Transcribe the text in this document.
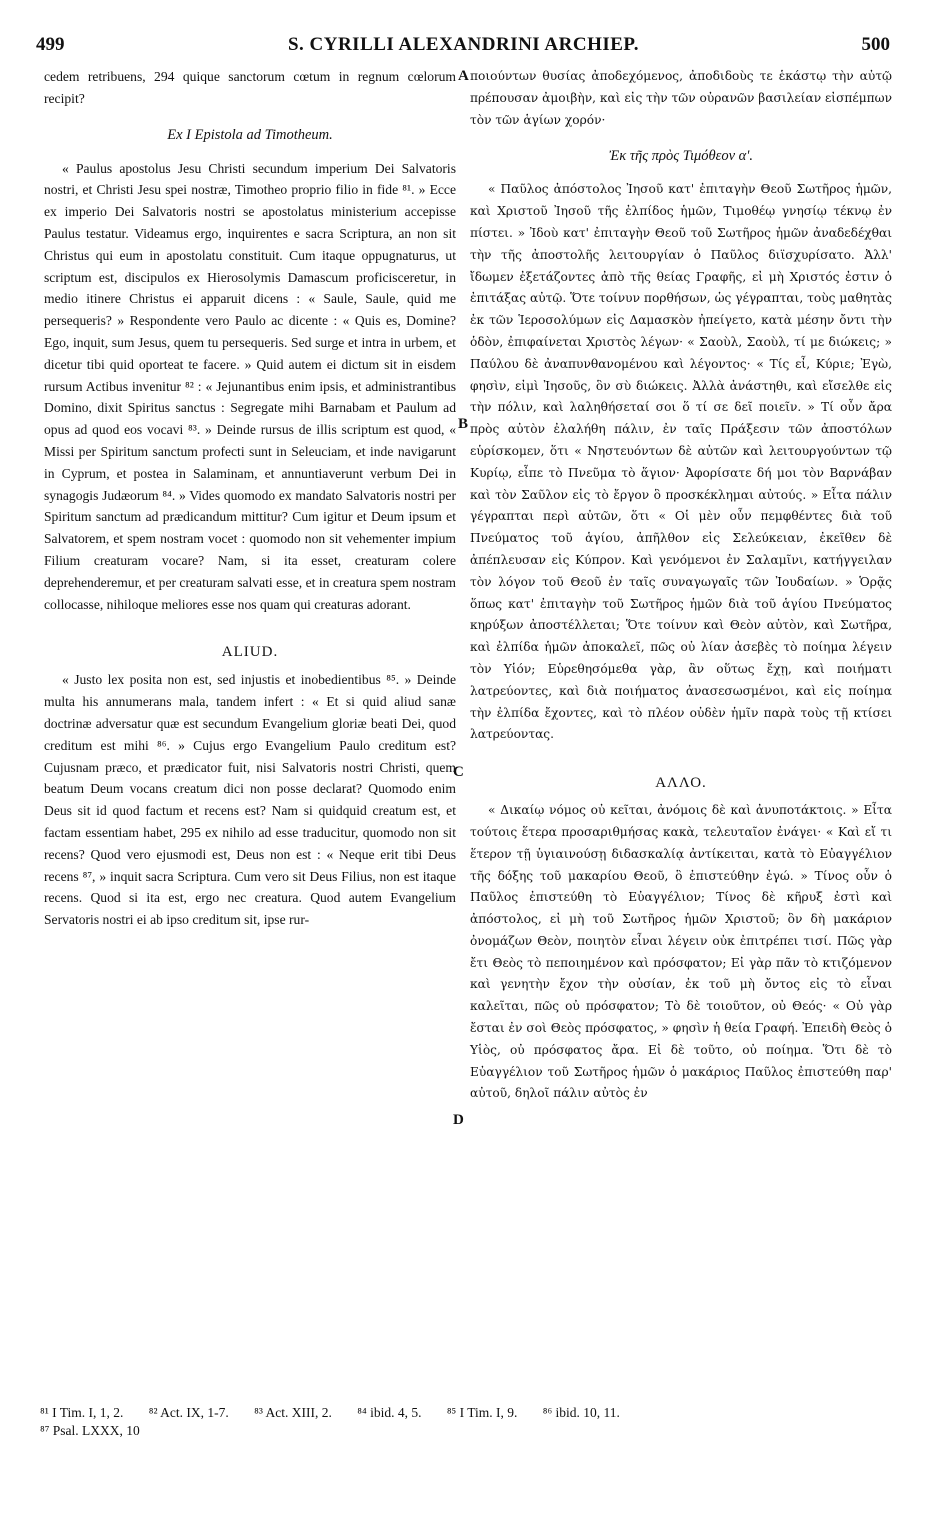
499	S. CYRILLI ALEXANDRINI ARCHIEP.	500

cedem retribuens, 294 quique sanctorum cœtum in regnum cœlorum recipit?

Ex I Epistola ad Timotheum.

« Paulus apostolus Jesu Christi secundum imperium Dei Salvatoris nostri, et Christi Jesu spei nostræ, Timotheo proprio filio in fide ⁸¹. » Ecce ex imperio Dei Salvatoris nostri se apostolatus ministerium accepisse Paulus testatur. Videamus ergo, inquirentes e sacra Scriptura, an non sit Christus qui eum in apostolatu constituit. Cum itaque oppugnaturus, ut scriptum est, discipulos ex Hierosolymis Damascum proficisceretur, in medio itinere Christus ei apparuit dicens : « Saule, Saule, quid me persequeris? » Respondente vero Paulo ac dicente : « Quis es, Domine? Ego, inquit, sum Jesus, quem tu persequeris. Sed surge et intra in urbem, et dicetur tibi quid oporteat te facere. » Quid autem ei dictum sit in eisdem rursum Actibus invenitur ⁸² : « Jejunantibus enim ipsis, et administrantibus Domino, dixit Spiritus sanctus : Segregate mihi Barnabam et Paulum ad opus ad quod eos vocavi ⁸³. » Deinde rursus de illis scriptum est quod, « Missi per Spiritum sanctum profecti sunt in Seleuciam, et inde navigarunt in Cyprum, et postea in Salaminam, et annuntiaverunt verbum Dei in synagogis Judæorum ⁸⁴. » Vides quomodo ex mandato Salvatoris nostri per Spiritum sanctum ad prædicandum mittitur? Cum igitur et Deum ipsum et Salvatorem, et spem nostram vocet : quomodo non sit vehementer impium Filium creaturam vocare? Nam, si ita esset, creaturam colere deprehenderemur, et per creaturam salvati esse, et in creatura spem nostram collocasse, nihiloque meliores esse nos quam qui creaturas adorant.

ALIUD.

« Justo lex posita non est, sed injustis et inobedientibus ⁸⁵. » Deinde multa his annumerans mala, tandem infert : « Et si quid aliud sanæ doctrinæ adversatur quæ est secundum Evangelium gloriæ beati Dei, quod creditum est mihi ⁸⁶. » Cujus ergo Evangelium Paulo creditum est? Cujusnam præco, et prædicator fuit, nisi Salvatoris nostri Christi, quem beatum Deum vocans creatum dici non posse declarat? Quomodo enim Deus sit id quod factum et recens est? Nam si quidquid creatum est, et factam essentiam habet, 295 ex nihilo ad esse traducitur, quomodo non sit recens? Quod vero ejusmodi est, Deus non est : « Neque erit tibi Deus recens ⁸⁷, » inquit sacra Scriptura. Cum vero sit Deus Filius, non est itaque recens. Quod si ita est, ergo nec creatura. Quod autem Evangelium Servatoris nostri ei ab ipso creditum sit, ipse rur-

ποιούντων θυσίας ἀποδεχόμενος, ἀποδιδοὺς τε ἑκάστῳ τὴν αὐτῷ πρέπουσαν ἀμοιβὴν, καὶ εἰς τὴν τῶν οὐρανῶν βασιλείαν εἰσπέμπων τὸν τῶν ἁγίων χορόν·

Ἐκ τῆς πρὸς Τιμόθεον α'.

« Παῦλος ἀπόστολος Ἰησοῦ κατ' ἐπιταγὴν Θεοῦ Σωτῆρος ἡμῶν, καὶ Χριστοῦ Ἰησοῦ τῆς ἐλπίδος ἡμῶν, Τιμοθέῳ γνησίῳ τέκνῳ ἐν πίστει. » Ἰδοὺ κατ' ἐπιταγὴν Θεοῦ τοῦ Σωτῆρος ἡμῶν ἀναδεδέχθαι τὴν τῆς ἀποστολῆς λειτουργίαν ὁ Παῦλος διϊσχυρίσατο. Ἀλλ' ἴδωμεν ἐξετάζοντες ἀπὸ τῆς θείας Γραφῆς, εἰ μὴ Χριστός ἐστιν ὁ ἐπιτάξας αὐτῷ. Ὅτε τοίνυν πορθήσων, ὡς γέγραπται, τοὺς μαθητὰς ἐκ τῶν Ἱεροσολύμων εἰς Δαμασκὸν ἠπείγετο, κατὰ μέσην ὄντι τὴν ὁδὸν, ἐπιφαίνεται Χριστὸς λέγων· « Σαοὺλ, Σαοὺλ, τί με διώκεις; » Παύλου δὲ ἀναπυνθανομένου καὶ λέγοντος· « Τίς εἶ, Κύριε; Ἐγὼ, φησὶν, εἰμὶ Ἰησοῦς, ὃν σὺ διώκεις. Ἀλλὰ ἀνάστηθι, καὶ εἴσελθε εἰς τὴν πόλιν, καὶ λαληθήσεταί σοι ὅ τί σε δεῖ ποιεῖν. » Τί οὖν ἄρα πρὸς αὐτὸν ἐλαλήθη πάλιν, ἐν ταῖς Πράξεσιν τῶν ἀποστόλων εὑρίσκομεν, ὅτι « Νηστευόντων δὲ αὐτῶν καὶ λειτουργούντων τῷ Κυρίῳ, εἶπε τὸ Πνεῦμα τὸ ἅγιον· Ἀφορίσατε δή μοι τὸν Βαρνάβαν καὶ τὸν Σαῦλον εἰς τὸ ἔργον ὃ προσκέκλημαι αὐτούς. » Εἶτα πάλιν γέγραπται περὶ αὐτῶν, ὅτι « Οἱ μὲν οὖν πεμφθέντες διὰ τοῦ Πνεύματος τοῦ ἁγίου, ἀπῆλθον εἰς Σελεύκειαν, ἐκεῖθεν δὲ ἀπέπλευσαν εἰς Κύπρον. Καὶ γενόμενοι ἐν Σαλαμῖνι, κατήγγειλαν τὸν λόγον τοῦ Θεοῦ ἐν ταῖς συναγωγαῖς τῶν Ἰουδαίων. » Ὁρᾷς ὅπως κατ' ἐπιταγὴν τοῦ Σωτῆρος ἡμῶν διὰ τοῦ ἁγίου Πνεύματος κηρύξων ἀποστέλλεται; Ὅτε τοίνυν καὶ Θεὸν αὐτὸν, καὶ Σωτῆρα, καὶ ἐλπίδα ἡμῶν ἀποκαλεῖ, πῶς οὐ λίαν ἀσεβὲς τὸ ποίημα λέγειν τὸν Υἱόν; Εὑρεθησόμεθα γὰρ, ἂν οὕτως ἔχῃ, καὶ ποιήματι λατρεύοντες, καὶ διὰ ποιήματος ἀνασεσωσμένοι, καὶ εἰς ποίημα τὴν ἐλπίδα ἔχοντες, καὶ τὸ πλέον οὐδὲν ἡμῖν παρὰ τοὺς τῇ κτίσει λατρεύοντας.

ΑΛΛΟ.

« Δικαίῳ νόμος οὐ κεῖται, ἀνόμοις δὲ καὶ ἀνυποτάκτοις. » Εἶτα τούτοις ἕτερα προσαριθμήσας κακὰ, τελευταῖον ἐνάγει· « Καὶ εἴ τι ἕτερον τῇ ὑγιαινούσῃ διδασκαλίᾳ ἀντίκειται, κατὰ τὸ Εὐαγγέλιον τῆς δόξης τοῦ μακαρίου Θεοῦ, ὃ ἐπιστεύθην ἐγώ. » Τίνος οὖν ὁ Παῦλος ἐπιστεύθη τὸ Εὐαγγέλιον; Τίνος δὲ κῆρυξ ἐστὶ καὶ ἀπόστολος, εἰ μὴ τοῦ Σωτῆρος ἡμῶν Χριστοῦ; ὃν δὴ μακάριον ὀνομάζων Θεὸν, ποιητὸν εἶναι λέγειν οὐκ ἐπιτρέπει τισί. Πῶς γὰρ ἔτι Θεὸς τὸ πεποιημένον καὶ πρόσφατον; Εἰ γὰρ πᾶν τὸ κτιζόμενον καὶ γενητὴν ἔχον τὴν οὐσίαν, ἐκ τοῦ μὴ ὄντος εἰς τὸ εἶναι καλεῖται, πῶς οὐ πρόσφατον; Τὸ δὲ τοιοῦτον, οὐ Θεός· « Οὐ γὰρ ἔσται ἐν σοὶ Θεὸς πρόσφατος, » φησὶν ἡ θεία Γραφή. Ἐπειδὴ Θεὸς ὁ Υἱὸς, οὐ πρόσφατος ἄρα. Εἰ δὲ τοῦτο, οὐ ποίημα. Ὅτι δὲ τὸ Εὐαγγέλιον τοῦ Σωτῆρος ἡμῶν ὁ μακάριος Παῦλος ἐπιστεύθη παρ' αὐτοῦ, δηλοῖ πάλιν αὐτὸς ἐν

A
B
C
D
⁸¹ I Tim. I, 1, 2. ⁸² Act. IX, 1-7. ⁸³ Act. XIII, 2. ⁸⁴ ibid. 4, 5. ⁸⁵ I Tim. I, 9. ⁸⁶ ibid. 10, 11.
⁸⁷ Psal. LXXX, 10
